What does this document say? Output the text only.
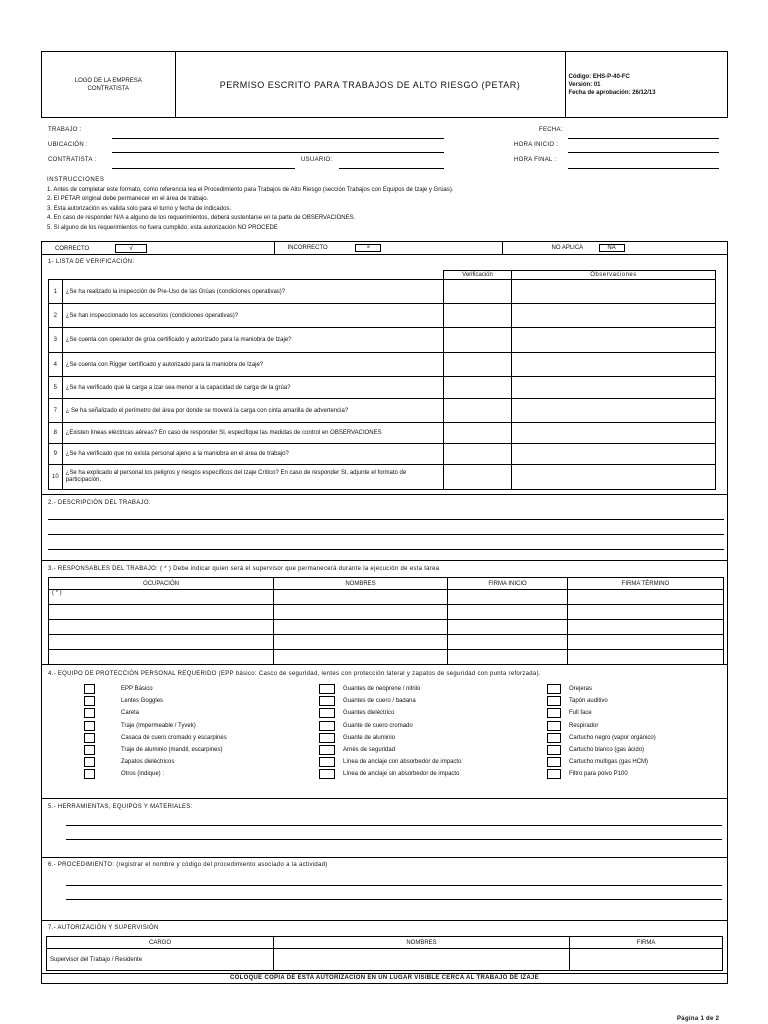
LOGO DE LA EMPRESA CONTRATISTA	PERMISO ESCRITO PARA TRABAJOS DE ALTO RIESGO (PETAR)	
Código: EHS-P-40-FC
Versión: 01
Fecha de aprobación: 26/12/13
TRABAJO :	FECHA:
UBICACIÓN :	HORA INICIO :
CONTRATISTA :	USUARIO:	HORA FINAL :
INSTRUCCIONES
1. Antes de completar este formato, como referencia lea el Procedimiento para Trabajos de Alto Riesgo (sección Trabajos con Equipos de Izaje y Grúas).
2. El PETAR original debe permanecer en el área de trabajo.
3. Esta autorización es valida solo para el turno y fecha de indicados.
4. En caso de responder N/A a alguno de los requerimientos, deberá sustentarse en la parte de OBSERVACIONES.
5. Si alguno de los requerimientos no fuera cumplido, esta autorización NO PROCEDE
CORRECTO	√	INCORRECTO	×	NO APLICA	NA
1- LISTA DE VERIFICACIÓN:
		Verificación	Observaciones
1	¿Se ha realizado la inspección de Pre-Uso de las Grúas (condiciones operativas)?		
2	¿Se han inspeccionado los accesorios (condiciones operativas)?		
3	¿Se cuenta con operador de grúa certificado y autorizado para la maniobra de Izaje?		
4	¿Se cuenta con Rigger certificado y autorizado para la maniobra de Izaje?		
5	¿Se ha verificado que la carga a izar sea menor a la capacidad de carga de la grúa?		
7	¿ Se ha señalizado el perímetro del área por donde se moverá la carga con cinta amarilla de advertencia?		
8	¿Existen líneas eléctricas aéreas? En caso de responder SI, especifique las medidas de control en OBSERVACIONES		
9	¿Se ha verificado que no exista personal ajeno a la maniobra en el área de trabajo?		
10	¿Se ha explicado al personal los peligros y riesgos específicos del Izaje Crítico? En caso de responder SI, adjunte el formato de participación.		
2.- DESCRIPCIÓN DEL TRABAJO:
3.- RESPONSABLES DEL TRABAJO: ( * ) Debe indicar quien será el supervisor que permanecerá durante la ejecución de esta tarea
OCUPACIÓN	NOMBRES	FIRMA INICIO	FIRMA TÉRMINO
( * )			

4.- EQUIPO DE PROTECCIÓN PERSONAL REQUERIDO (EPP básico: Casco de seguridad, lentes con protección lateral y zapatos de seguridad con punta reforzada).
EPP Básico
Lentes Goggles
Careta
Traje (Impermeable / Tyvek)
Casaca de cuero cromado y escarpines
Traje de aluminio (mandil, escarpines)
Zapatos dieléctricos
Otros (indique) :
Guantes de neoprene / nitrilo
Guantes de cuero / badana
Guantes dieléctrico
Guante de cuero cromado
Guante de aluminio
Arnés de seguridad
Línea de anclaje con absorbedor de impacto
Línea de anclaje sin absorbedor de impacto
Orejeras
Tapón auditivo
Full face
Respirador
Cartucho negro (vapor orgánico)
Cartucho blanco (gas ácido)
Cartucho multigas (gas HCM)
Filtro para polvo P100
5.- HERRAMIENTAS, EQUIPOS Y MATERIALES:
6.- PROCEDIMIENTO: (registrar el nombre y código del procedimiento asociado a la actividad)
7.- AUTORIZACIÓN Y SUPERVISIÓN
CARGO	NOMBRES	FIRMA
Supervisor del Trabajo / Residente		
COLOQUE COPIA DE ESTA AUTORIZACIÓN EN UN LUGAR VISIBLE CERCA AL TRABAJO DE IZAJE
Página 1 de 2
